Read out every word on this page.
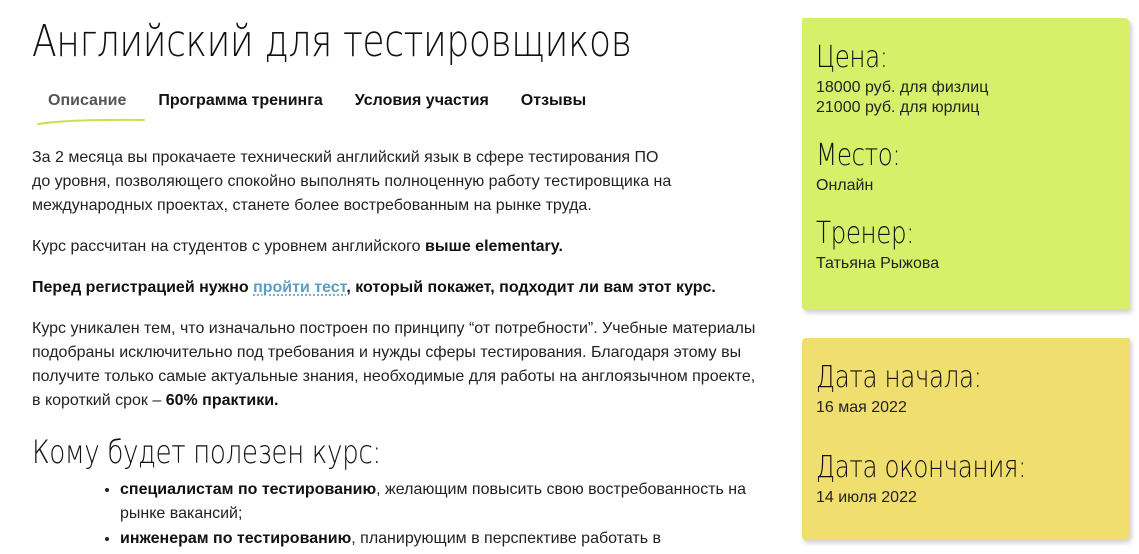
Английский для тестировщиков
Описание	Программа тренинга	Условия участия	Отзывы

За 2 месяца вы прокачаете технический английский язык в сфере тестирования ПО до уровня, позволяющего спокойно выполнять полноценную работу тестировщика на международных проектах, станете более востребованным на рынке труда.

Курс рассчитан на студентов с уровнем английского выше elementary.

Перед регистрацией нужно пройти тест, который покажет, подходит ли вам этот курс.

Курс уникален тем, что изначально построен по принципу “от потребности”. Учебные материалы подобраны исключительно под требования и нужды сферы тестирования. Благодаря этому вы получите только самые актуальные знания, необходимые для работы на англоязычном проекте, в короткий срок – 60% практики.

Кому будет полезен курс:
• специалистам по тестированию, желающим повысить свою востребованность на рынке вакансий;
• инженерам по тестированию, планирующим в перспективе работать в
Цена:
18000 руб. для физлиц
21000 руб. для юрлиц
Место:
Онлайн
Тренер:
Татьяна Рыжова
Дата начала:
16 мая 2022
Дата окончания:
14 июля 2022
